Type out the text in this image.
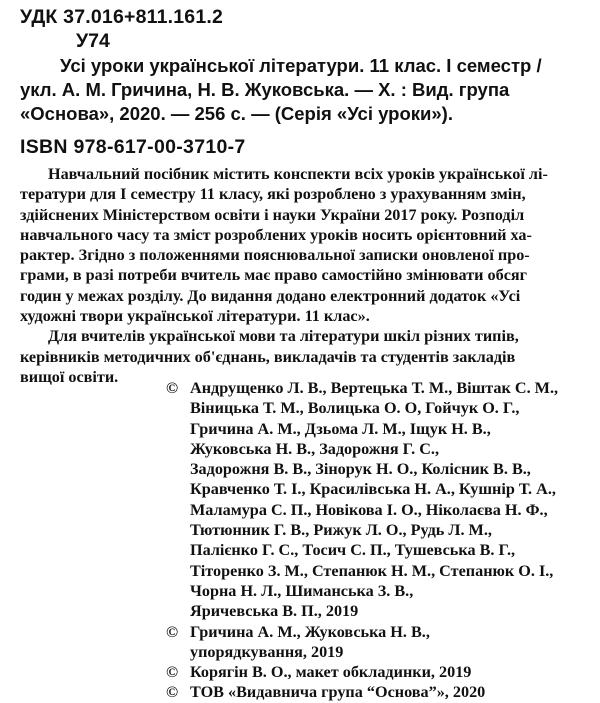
УДК 37.016+811.161.2
У74
Усі уроки української літератури. 11 клас. І семестр /
укл. А. М. Гричина, Н. В. Жуковська. — Х. : Вид. група
«Основа», 2020. — 256 с. — (Серія «Усі уроки»).
ISBN 978-617-00-3710-7
Навчальний посібник містить конспекти всіх уроків української лі-
тератури для І семестру 11 класу, які розроблено з урахуванням змін,
здійснених Міністерством освіти і науки України 2017 року. Розподіл
навчального часу та зміст розроблених уроків носить орієнтовний ха-
рактер. Згідно з положеннями пояснювальної записки оновленої про-
грами, в разі потреби вчитель має право самостійно змінювати обсяг
годин у межах розділу. До видання додано електронний додаток «Усі
художні твори української літератури. 11 клас».
Для вчителів української мови та літератури шкіл різних типів,
керівників методичних об'єднань, викладачів та студентів закладів
вищої освіти.
© Андрущенко Л. В., Вертецька Т. М., Віштак С. М.,
Віницька Т. М., Волицька О. О, Гойчук О. Г.,
Гричина А. М., Дзьома Л. М., Іщук Н. В.,
Жуковська Н. В., Задорожня Г. С.,
Задорожня В. В., Зінорук Н. О., Колісник В. В.,
Кравченко Т. І., Красилівська Н. А., Кушнір Т. А.,
Маламура С. П., Новікова І. О., Ніколаєва Н. Ф.,
Тютюнник Г. В., Рижук Л. О., Рудь Л. М.,
Палієнко Г. С., Тосич С. П., Тушевська В. Г.,
Тіторенко З. М., Степанюк Н. М., Степанюк О. І.,
Чорна Н. Л., Шиманська З. В.,
Яричевська В. П., 2019
© Гричина А. М., Жуковська Н. В.,
упорядкування, 2019
© Корягін В. О., макет обкладинки, 2019
© ТОВ «Видавнича група “Основа”», 2020
